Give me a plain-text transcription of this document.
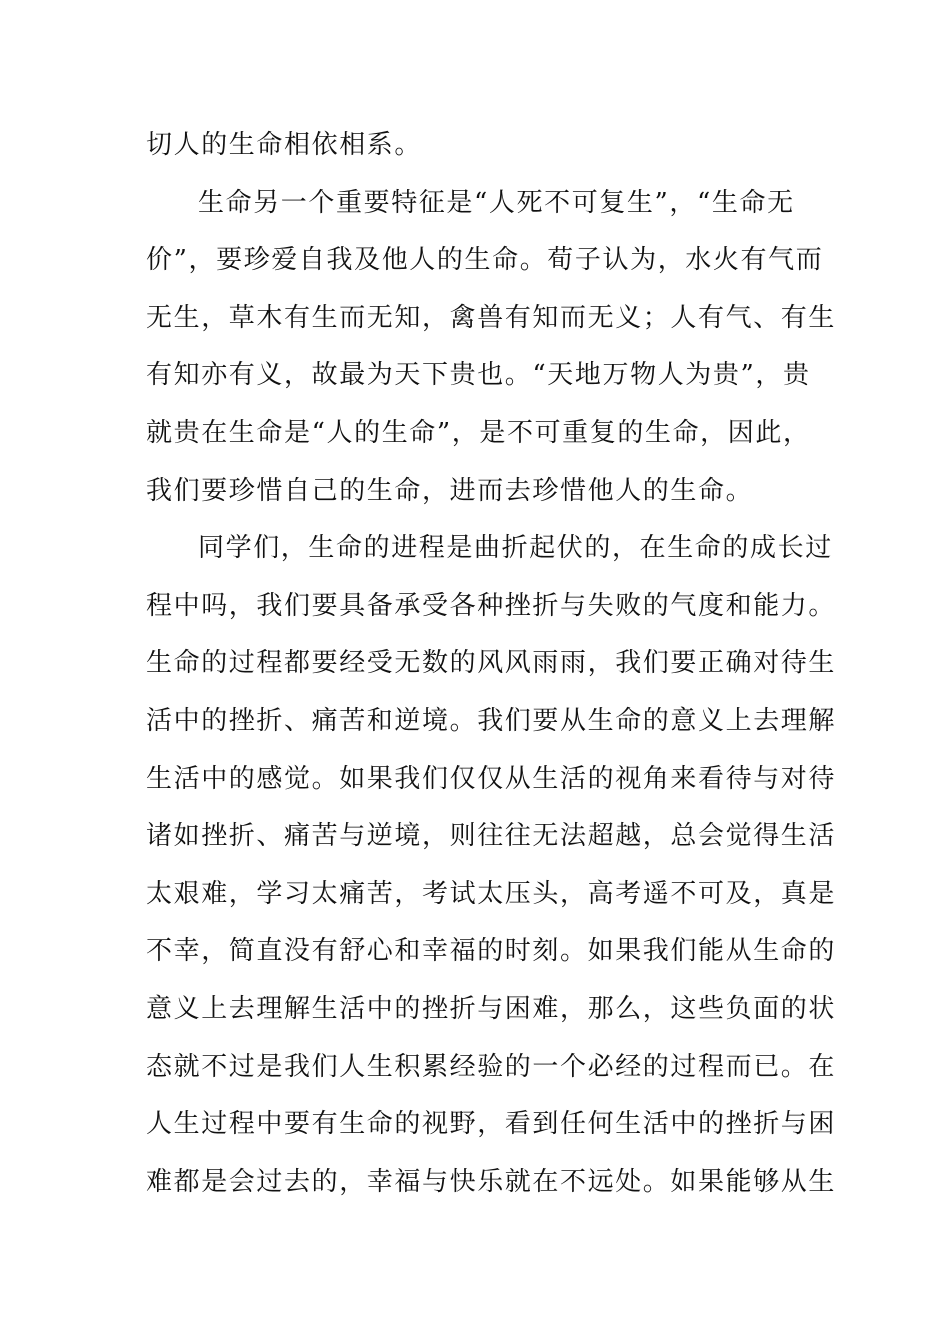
切人的生命相依相系。
生命另一个重要特征是“人死不可复生”，“生命无
价”，要珍爱自我及他人的生命。荀子认为，水火有气而
无生，草木有生而无知，禽兽有知而无义；人有气、有生
有知亦有义，故最为天下贵也。“天地万物人为贵”，贵
就贵在生命是“人的生命”，是不可重复的生命，因此，
我们要珍惜自己的生命，进而去珍惜他人的生命。
同学们，生命的进程是曲折起伏的，在生命的成长过
程中吗，我们要具备承受各种挫折与失败的气度和能力。
生命的过程都要经受无数的风风雨雨，我们要正确对待生
活中的挫折、痛苦和逆境。我们要从生命的意义上去理解
生活中的感觉。如果我们仅仅从生活的视角来看待与对待
诸如挫折、痛苦与逆境，则往往无法超越，总会觉得生活
太艰难，学习太痛苦，考试太压头，高考遥不可及，真是
不幸，简直没有舒心和幸福的时刻。如果我们能从生命的
意义上去理解生活中的挫折与困难，那么，这些负面的状
态就不过是我们人生积累经验的一个必经的过程而已。在
人生过程中要有生命的视野，看到任何生活中的挫折与困
难都是会过去的，幸福与快乐就在不远处。如果能够从生
